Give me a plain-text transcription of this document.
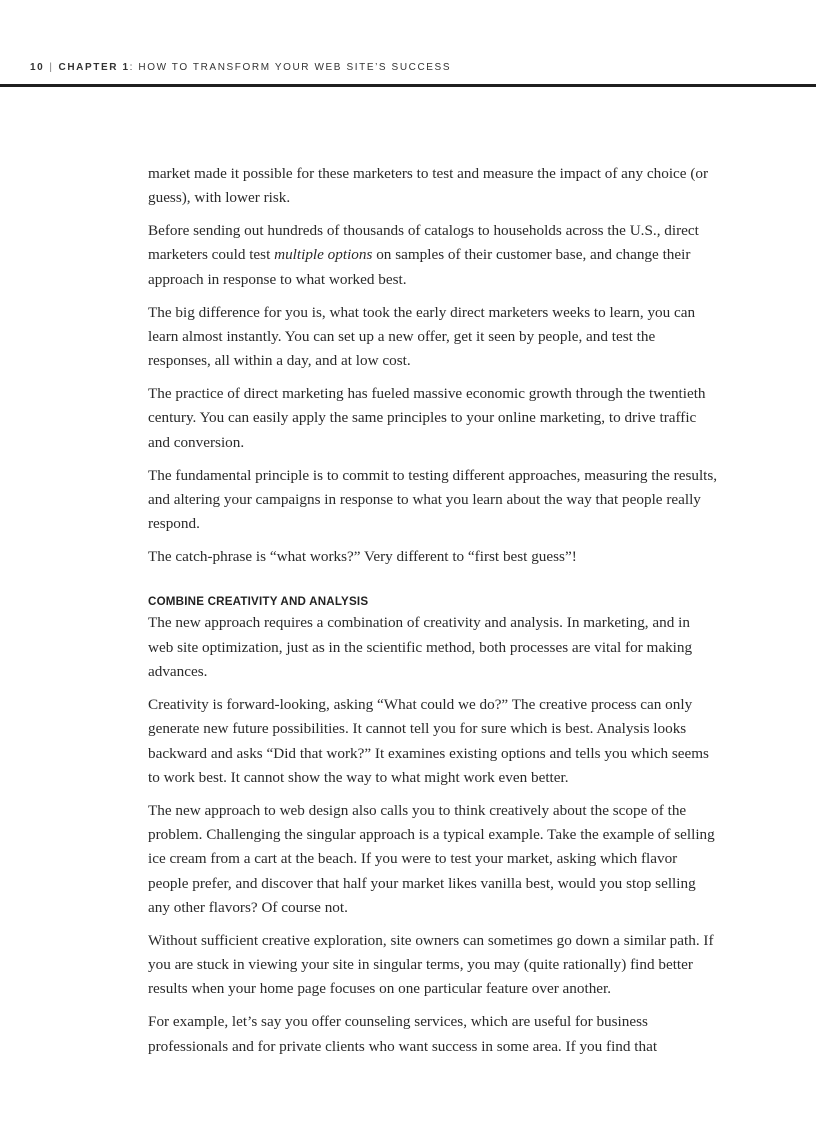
10 | CHAPTER 1: HOW TO TRANSFORM YOUR WEB SITE’S SUCCESS

market made it possible for these marketers to test and measure the impact of any choice (or guess), with lower risk.

Before sending out hundreds of thousands of catalogs to households across the U.S., direct marketers could test multiple options on samples of their customer base, and change their approach in response to what worked best.

The big difference for you is, what took the early direct marketers weeks to learn, you can learn almost instantly. You can set up a new offer, get it seen by people, and test the responses, all within a day, and at low cost.

The practice of direct marketing has fueled massive economic growth through the twentieth century. You can easily apply the same principles to your online marketing, to drive traffic and conversion.

The fundamental principle is to commit to testing different approaches, measuring the results, and altering your campaigns in response to what you learn about the way that people really respond.

The catch-phrase is “what works?” Very different to “first best guess”!

COMBINE CREATIVITY AND ANALYSIS

The new approach requires a combination of creativity and analysis. In marketing, and in web site optimization, just as in the scientific method, both processes are vital for making advances.

Creativity is forward-looking, asking “What could we do?” The creative process can only generate new future possibilities. It cannot tell you for sure which is best. Analysis looks backward and asks “Did that work?” It examines existing options and tells you which seems to work best. It cannot show the way to what might work even better.

The new approach to web design also calls you to think creatively about the scope of the problem. Challenging the singular approach is a typical example. Take the example of selling ice cream from a cart at the beach. If you were to test your market, asking which flavor people prefer, and discover that half your market likes vanilla best, would you stop selling any other flavors? Of course not.

Without sufficient creative exploration, site owners can sometimes go down a similar path. If you are stuck in viewing your site in singular terms, you may (quite rationally) find better results when your home page focuses on one particular feature over another.

For example, let’s say you offer counseling services, which are useful for business professionals and for private clients who want success in some area. If you find that
